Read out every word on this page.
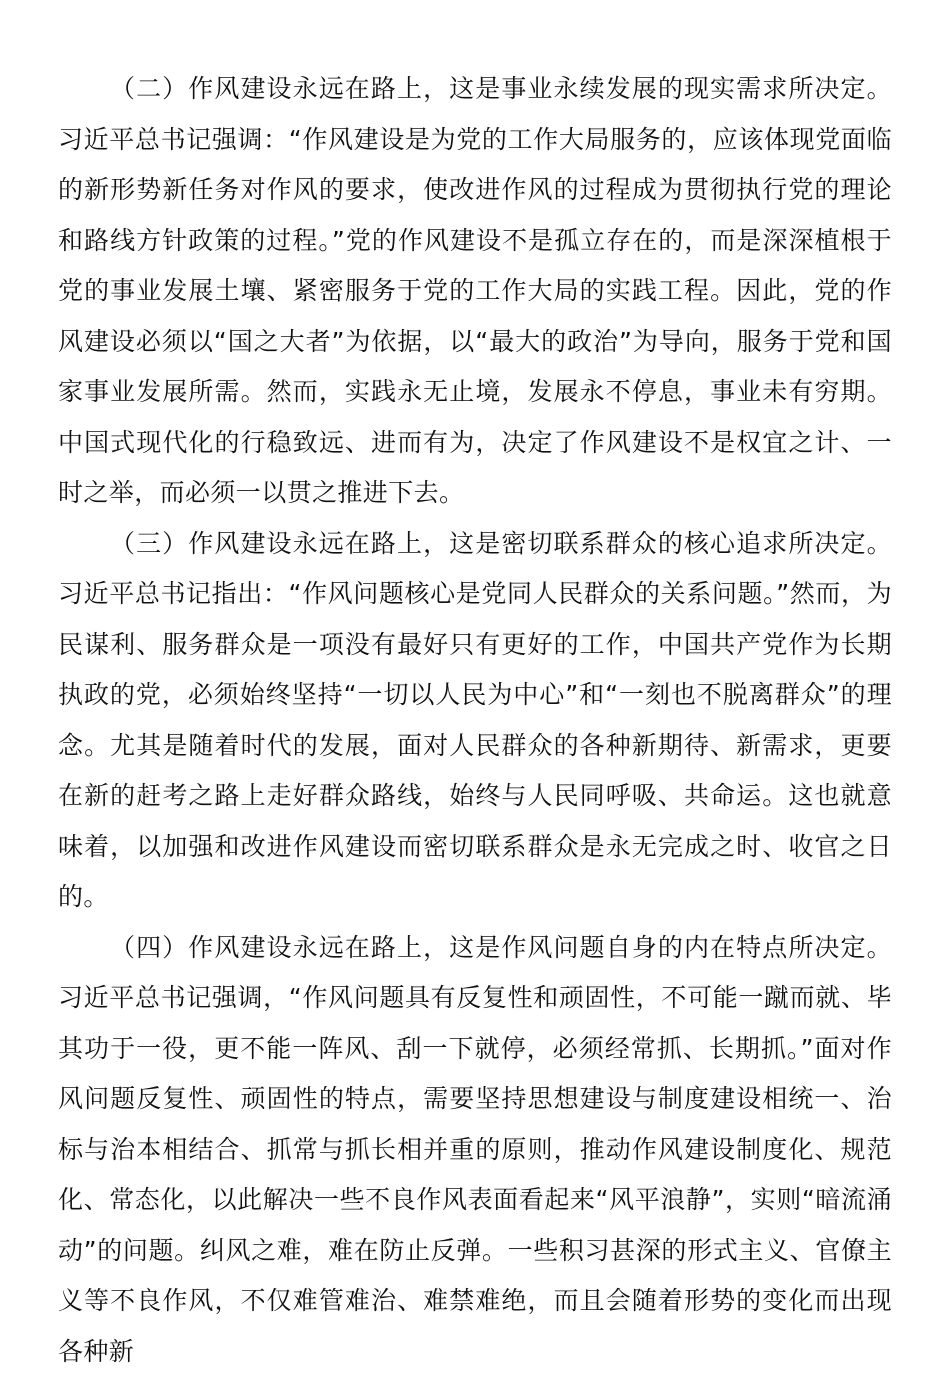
（二）作风建设永远在路上，这是事业永续发展的现实需求所决定。习近平总书记强调：“作风建设是为党的工作大局服务的，应该体现党面临的新形势新任务对作风的要求，使改进作风的过程成为贯彻执行党的理论和路线方针政策的过程。”党的作风建设不是孤立存在的，而是深深植根于党的事业发展土壤、紧密服务于党的工作大局的实践工程。因此，党的作风建设必须以“国之大者”为依据，以“最大的政治”为导向，服务于党和国家事业发展所需。然而，实践永无止境，发展永不停息，事业未有穷期。中国式现代化的行稳致远、进而有为，决定了作风建设不是权宜之计、一时之举，而必须一以贯之推进下去。

（三）作风建设永远在路上，这是密切联系群众的核心追求所决定。习近平总书记指出：“作风问题核心是党同人民群众的关系问题。”然而，为民谋利、服务群众是一项没有最好只有更好的工作，中国共产党作为长期执政的党，必须始终坚持“一切以人民为中心”和“一刻也不脱离群众”的理念。尤其是随着时代的发展，面对人民群众的各种新期待、新需求，更要在新的赶考之路上走好群众路线，始终与人民同呼吸、共命运。这也就意味着，以加强和改进作风建设而密切联系群众是永无完成之时、收官之日的。

（四）作风建设永远在路上，这是作风问题自身的内在特点所决定。习近平总书记强调，“作风问题具有反复性和顽固性，不可能一蹴而就、毕其功于一役，更不能一阵风、刮一下就停，必须经常抓、长期抓。”面对作风问题反复性、顽固性的特点，需要坚持思想建设与制度建设相统一、治标与治本相结合、抓常与抓长相并重的原则，推动作风建设制度化、规范化、常态化，以此解决一些不良作风表面看起来“风平浪静”，实则“暗流涌动”的问题。纠风之难，难在防止反弹。一些积习甚深的形式主义、官僚主义等不良作风，不仅难管难治、难禁难绝，而且会随着形势的变化而出现各种新
